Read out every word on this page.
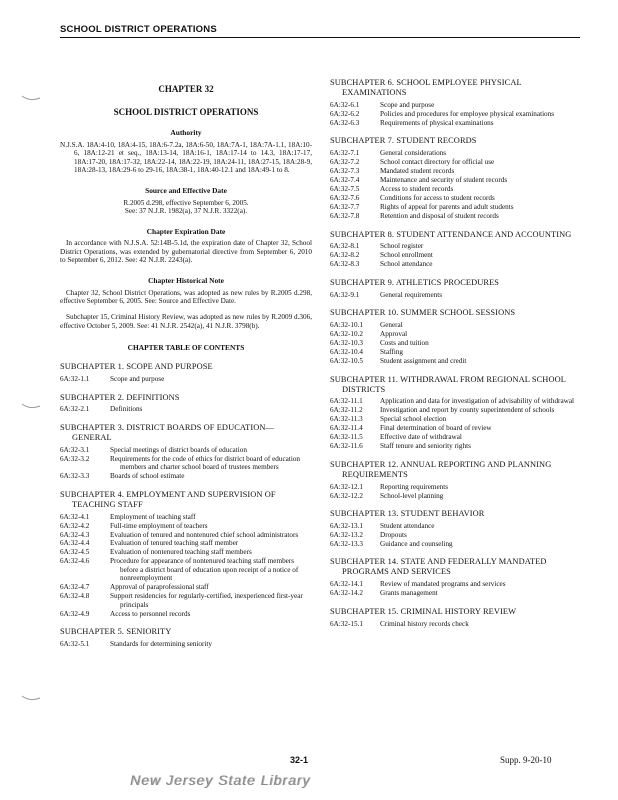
SCHOOL DISTRICT OPERATIONS
CHAPTER 32
SCHOOL DISTRICT OPERATIONS
Authority
N.J.S.A. 18A:4-10, 18A:4-15, 18A:6-7.2a, 18A:6-50, 18A:7A-1, 18A:7A-1.1, 18A:10-6, 18A:12-21 et seq., 18A:13-14, 18A:16-1, 18A:17-14 to 14.3, 18A:17-17, 18A:17-20, 18A:17-32, 18A:22-14, 18A:22-19, 18A:24-11, 18A:27-15, 18A:28-9, 18A:28-13, 18A:29-6 to 29-16, 18A:38-1, 18A:40-12.1 and 18A:49-1 to 8.
Source and Effective Date
R.2005 d.298, effective September 6, 2005.
See: 37 N.J.R. 1982(a), 37 N.J.R. 3322(a).
Chapter Expiration Date

In accordance with N.J.S.A. 52:14B-5.1d, the expiration date of Chapter 32, School District Operations, was extended by gubernatorial directive from September 6, 2010 to September 6, 2012. See: 42 N.J.R. 2243(a).

Chapter Historical Note

Chapter 32, School District Operations, was adopted as new rules by R.2005 d.298, effective September 6, 2005. See: Source and Effective Date.

Subchapter 15, Criminal History Review, was adopted as new rules by R.2009 d.306, effective October 5, 2009. See: 41 N.J.R. 2542(a), 41 N.J.R. 3798(b).

CHAPTER TABLE OF CONTENTS
SUBCHAPTER 1. SCOPE AND PURPOSE
6A:32-1.1	Scope and purpose
SUBCHAPTER 2. DEFINITIONS
6A:32-2.1	Definitions
SUBCHAPTER 3. DISTRICT BOARDS OF EDUCATION—GENERAL
6A:32-3.1	Special meetings of district boards of education
6A:32-3.2	Requirements for the code of ethics for district board of education members and charter school board of trustees members
6A:32-3.3	Boards of school estimate
SUBCHAPTER 4. EMPLOYMENT AND SUPERVISION OF TEACHING STAFF
6A:32-4.1	Employment of teaching staff
6A:32-4.2	Full-time employment of teachers
6A:32-4.3	Evaluation of tenured and nontenured chief school administrators
6A:32-4.4	Evaluation of tenured teaching staff member
6A:32-4.5	Evaluation of nontenured teaching staff members
6A:32-4.6	Procedure for appearance of nontenured teaching staff members before a district board of education upon receipt of a notice of nonreemployment
6A:32-4.7	Approval of paraprofessional staff
6A:32-4.8	Support residencies for regularly-certified, inexperienced first-year principals
6A:32-4.9	Access to personnel records
SUBCHAPTER 5. SENIORITY
6A:32-5.1	Standards for determining seniority
SUBCHAPTER 6. SCHOOL EMPLOYEE PHYSICAL EXAMINATIONS
6A:32-6.1	Scope and purpose
6A:32-6.2	Policies and procedures for employee physical examinations
6A:32-6.3	Requirements of physical examinations
SUBCHAPTER 7. STUDENT RECORDS
6A:32-7.1	General considerations
6A:32-7.2	School contact directory for official use
6A:32-7.3	Mandated student records
6A:32-7.4	Maintenance and security of student records
6A:32-7.5	Access to student records
6A:32-7.6	Conditions for access to student records
6A:32-7.7	Rights of appeal for parents and adult students
6A:32-7.8	Retention and disposal of student records
SUBCHAPTER 8. STUDENT ATTENDANCE AND ACCOUNTING
6A:32-8.1	School register
6A:32-8.2	School enrollment
6A:32-8.3	School attendance
SUBCHAPTER 9. ATHLETICS PROCEDURES
6A:32-9.1	General requirements
SUBCHAPTER 10. SUMMER SCHOOL SESSIONS
6A:32-10.1	General
6A:32-10.2	Approval
6A:32-10.3	Costs and tuition
6A:32-10.4	Staffing
6A:32-10.5	Student assignment and credit
SUBCHAPTER 11. WITHDRAWAL FROM REGIONAL SCHOOL DISTRICTS
6A:32-11.1	Application and data for investigation of advisability of withdrawal
6A:32-11.2	Investigation and report by county superintendent of schools
6A:32-11.3	Special school election
6A:32-11.4	Final determination of board of review
6A:32-11.5	Effective date of withdrawal
6A:32-11.6	Staff tenure and seniority rights
SUBCHAPTER 12. ANNUAL REPORTING AND PLANNING REQUIREMENTS
6A:32-12.1	Reporting requirements
6A:32-12.2	School-level planning
SUBCHAPTER 13. STUDENT BEHAVIOR
6A:32-13.1	Student attendance
6A:32-13.2	Dropouts
6A:32-13.3	Guidance and counseling
SUBCHAPTER 14. STATE AND FEDERALLY MANDATED PROGRAMS AND SERVICES
6A:32-14.1	Review of mandated programs and services
6A:32-14.2	Grants management
SUBCHAPTER 15. CRIMINAL HISTORY REVIEW
6A:32-15.1	Criminal history records check
32-1	Supp. 9-20-10
New Jersey State Library
